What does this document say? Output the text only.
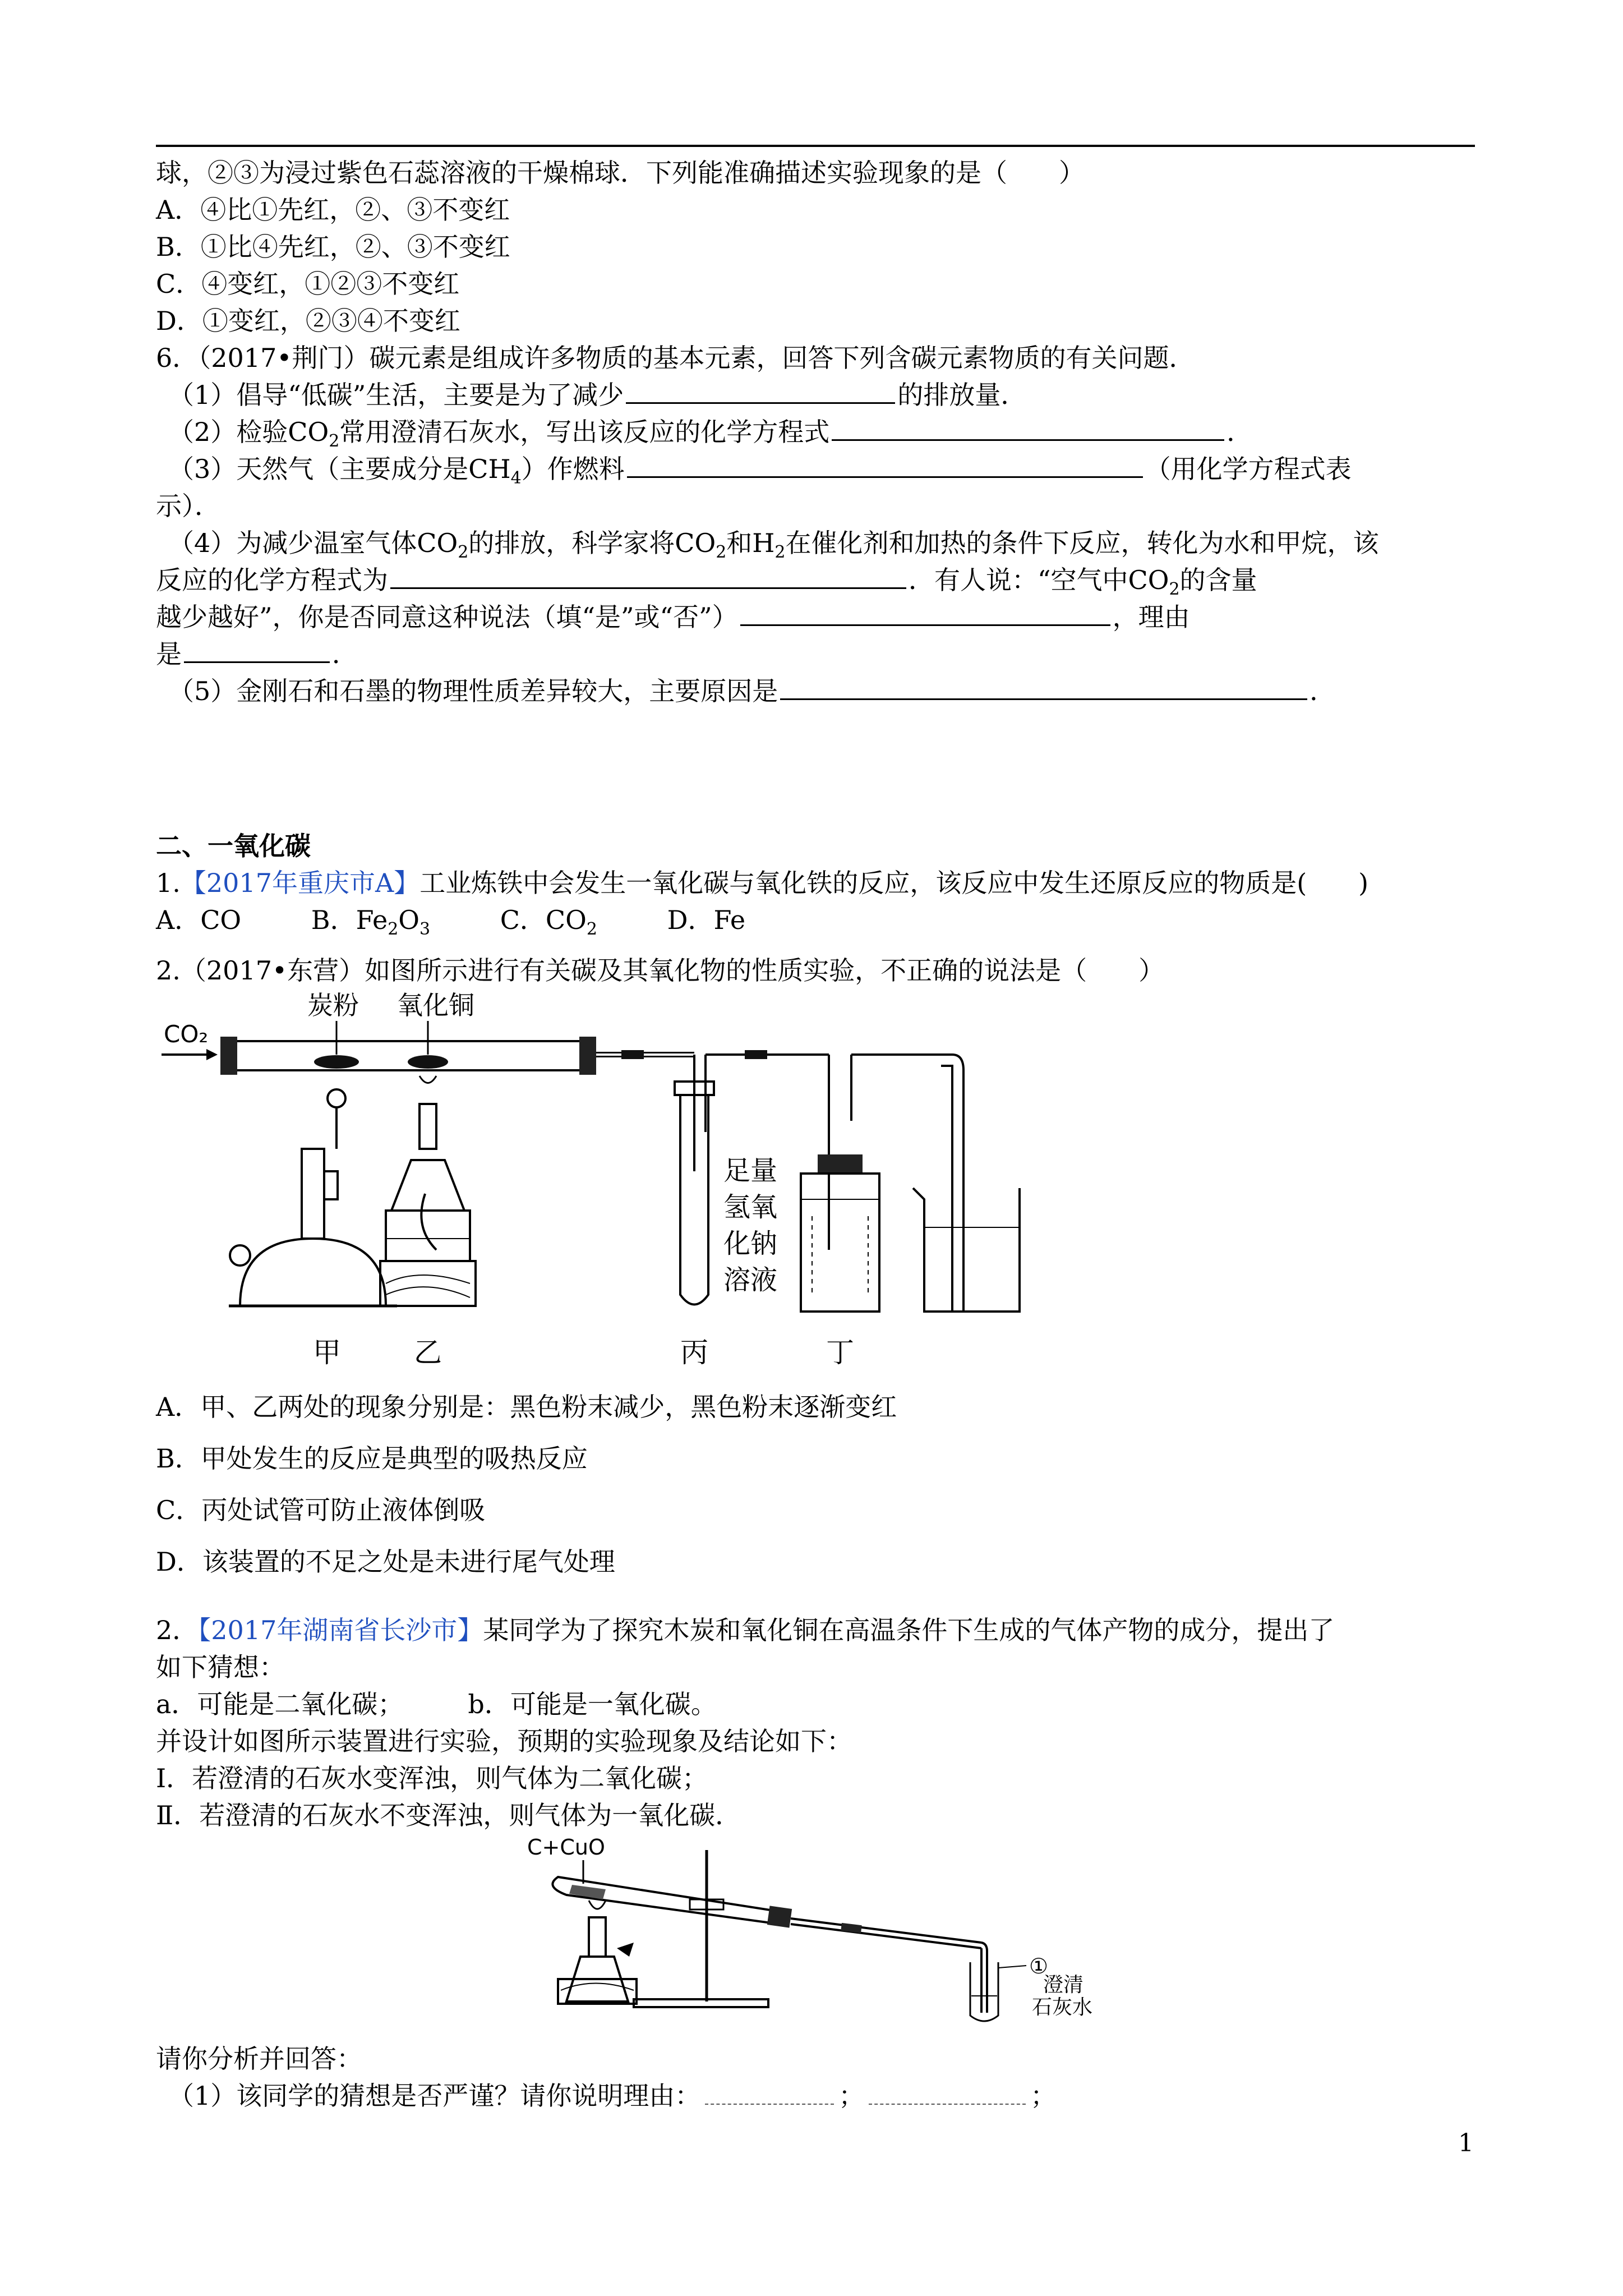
球，②③为浸过紫色石蕊溶液的干燥棉球．下列能准确描述实验现象的是（　　）
A．④比①先红，②、③不变红
B．①比④先红，②、③不变红
C．④变红，①②③不变红
D．①变红，②③④不变红
6．（2017•荆门）碳元素是组成许多物质的基本元素，回答下列含碳元素物质的有关问题．
（1）倡导“低碳”生活，主要是为了减少	的排放量．
（2）检验$CO_2$常用澄清石灰水，写出该反应的化学方程式	．
（3）天然气（主要成分是$CH_4$）作燃料	（用化学方程式表
示）．
（4）为减少温室气体$CO_2$的排放，科学家将$CO_2$和$H_2$在催化剂和加热的条件下反应，转化为水和甲烷，该
反应的化学方程式为	．有人说：“空气中$CO_2$的含量
越少越好”，你是否同意这种说法（填“是”或“否”）	，理由
是	．
（5）金刚石和石墨的物理性质差异较大，主要原因是	．
二、一氧化碳
1.【2017年重庆市A】工业炼铁中会发生一氧化碳与氧化铁的反应，该反应中发生还原反应的物质是(　　)
A．CO	B．$Fe_2O_3$	C．$CO_2$	D．Fe
2.（2017•东营）如图所示进行有关碳及其氧化物的性质实验，不正确的说法是（　　）
CO₂
炭粉 氧化铜
足量
氢氧
化钠
溶液
甲	乙	丙	丁
A．甲、乙两处的现象分别是：黑色粉末减少，黑色粉末逐渐变红
B．甲处发生的反应是典型的吸热反应
C．丙处试管可防止液体倒吸
D．该装置的不足之处是未进行尾气处理
2．【2017年湖南省长沙市】某同学为了探究木炭和氧化铜在高温条件下生成的气体产物的成分，提出了
如下猜想：
a．可能是二氧化碳；　　　b．可能是一氧化碳。
并设计如图所示装置进行实验，预期的实验现象及结论如下：
Ⅰ．若澄清的石灰水变浑浊，则气体为二氧化碳；
Ⅱ．若澄清的石灰水不变浑浊，则气体为一氧化碳．
C+CuO
①
澄清
石灰水
请你分析并回答：
（1）该同学的猜想是否严谨？请你说明理由：	；	；
1
